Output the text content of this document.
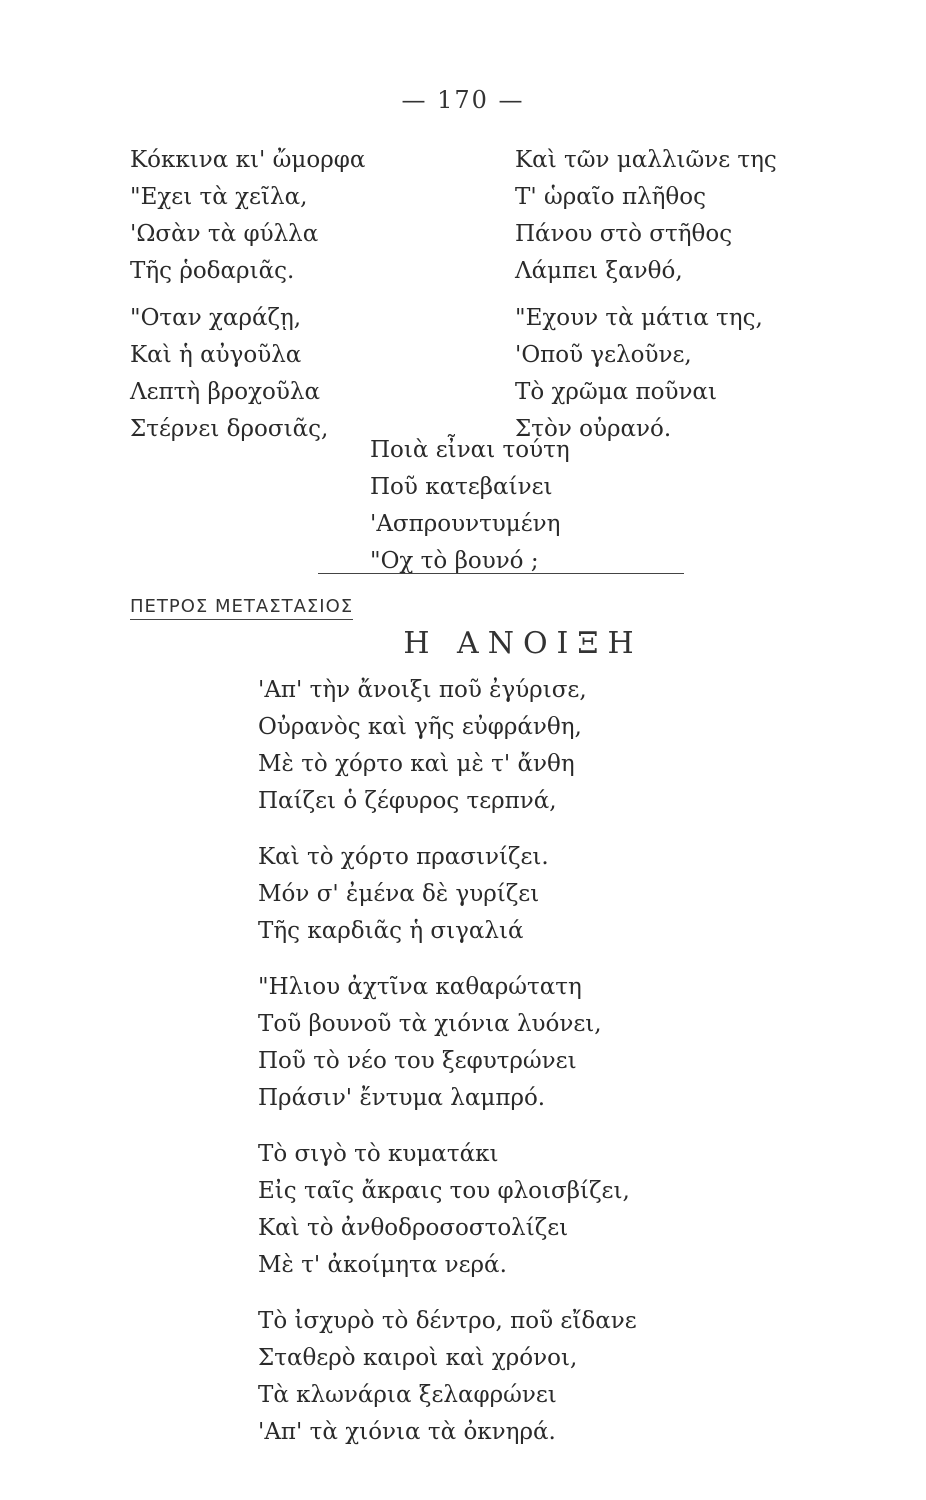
— 170 —
Κόκκινα κι' ὤμορφα
"Εχει τὰ χεῖλα,
'Ωσὰν τὰ φύλλα
Τῆς ῥοδαριᾶς.
"Οταν χαράζῃ,
Καὶ ἡ αὐγοῦλα
Λεπτὴ βροχοῦλα
Στέρνει δροσιᾶς,
Καὶ τῶν μαλλιῶνε της
Τ' ὡραῖο πλῆθος
Πάνου στὸ στῆθος
Λάμπει ξανθό,
"Εχουν τὰ μάτια της,
'Οποῦ γελοῦνε,
Τὸ χρῶμα ποῦναι
Στὸν οὐρανό.
Ποιὰ εἶναι τούτη
Ποῦ κατεβαίνει
'Ασπρουντυμένη
"Οχ τὸ βουνό ;
ΠΕΤΡΟΣ ΜΕΤΑΣΤΑΣΙΟΣ
Η ΑΝΟΙΞΗ
'Απ' τὴν ἄνοιξι ποῦ ἐγύρισε,
Οὐρανὸς καὶ γῆς εὐφράνθη,
Μὲ τὸ χόρτο καὶ μὲ τ' ἄνθη
Παίζει ὁ ζέφυρος τερπνά,
Καὶ τὸ χόρτο πρασινίζει.
Μόν σ' ἐμένα δὲ γυρίζει
Τῆς καρδιᾶς ἡ σιγαλιά
"Ηλιου ἀχτῖνα καθαρώτατη
Τοῦ βουνοῦ τὰ χιόνια λυόνει,
Ποῦ τὸ νέο του ξεφυτρώνει
Πράσιν' ἔντυμα λαμπρό.
Τὸ σιγὸ τὸ κυματάκι
Εἰς ταῖς ἄκραις του φλοισβίζει,
Καὶ τὸ ἀνθοδροσοστολίζει
Μὲ τ' ἀκοίμητα νερά.
Τὸ ἰσχυρὸ τὸ δέντρο, ποῦ εἴδανε
Σταθερὸ καιροὶ καὶ χρόνοι,
Τὰ κλωνάρια ξελαφρώνει
'Απ' τὰ χιόνια τὰ ὀκνηρά.
